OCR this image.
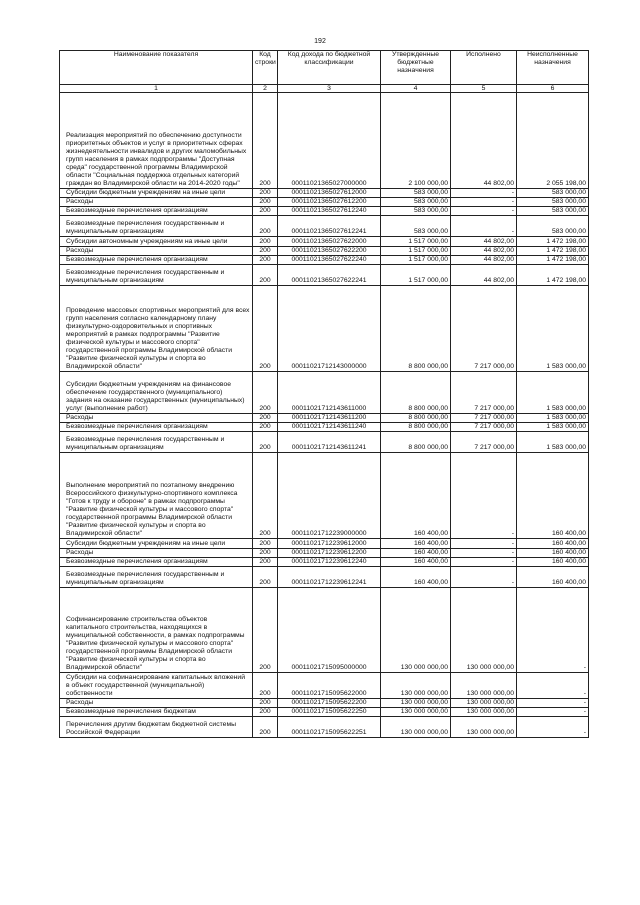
192
Наименование показателя	Код строки	Код дохода по бюджетной классификации	Утвержденные бюджетные назначения	Исполнено	Неисполненные назначения
1	2	3	4	5	6
Реализация мероприятий по обеспечению доступности приоритетных объектов и услуг в приоритетных сферах жизнедеятельности инвалидов и других маломобильных групп населения в рамках подпрограммы "Доступная среда" государственной программы Владимирской области "Социальная поддержка отдельных категорий граждан во Владимирской области на 2014-2020 годы"	200	00011021365027000000	2 100 000,00	44 802,00	2 055 198,00
Субсидии бюджетным учреждениям на иные цели	200	00011021365027612000	583 000,00	-	583 000,00
Расходы	200	00011021365027612200	583 000,00	-	583 000,00
Безвозмездные перечисления организациям	200	00011021365027612240	583 000,00	-	583 000,00
Безвозмездные перечисления государственным и муниципальным организациям	200	00011021365027612241	583 000,00	-	583 000,00
Субсидии автономным учреждениям на иные цели	200	00011021365027622000	1 517 000,00	44 802,00	1 472 198,00
Расходы	200	00011021365027622200	1 517 000,00	44 802,00	1 472 198,00
Безвозмездные перечисления организациям	200	00011021365027622240	1 517 000,00	44 802,00	1 472 198,00
Безвозмездные перечисления государственным и муниципальным организациям	200	00011021365027622241	1 517 000,00	44 802,00	1 472 198,00
Проведение массовых спортивных мероприятий для всех групп населения согласно календарному плану физкультурно-оздоровительных и спортивных мероприятий в рамках подпрограммы "Развитие физической культуры и массового спорта" государственной программы Владимирской области "Развитие физической культуры и спорта во Владимирской области"	200	00011021712143000000	8 800 000,00	7 217 000,00	1 583 000,00
Субсидии бюджетным учреждениям на финансовое обеспечение государственного (муниципального) задания на оказание государственных (муниципальных) услуг (выполнение работ)	200	00011021712143611000	8 800 000,00	7 217 000,00	1 583 000,00
Расходы	200	00011021712143611200	8 800 000,00	7 217 000,00	1 583 000,00
Безвозмездные перечисления организациям	200	00011021712143611240	8 800 000,00	7 217 000,00	1 583 000,00
Безвозмездные перечисления государственным и муниципальным организациям	200	00011021712143611241	8 800 000,00	7 217 000,00	1 583 000,00
Выполнение мероприятий по поэтапному внедрению Всероссийского физкультурно-спортивного комплекса "Готов к труду и обороне" в рамках подпрограммы "Развитие физической культуры и массового спорта" государственной программы Владимирской области "Развитие физической культуры и спорта во Владимирской области"	200	00011021712239000000	160 400,00	-	160 400,00
Субсидии бюджетным учреждениям на иные цели	200	00011021712239612000	160 400,00	-	160 400,00
Расходы	200	00011021712239612200	160 400,00	-	160 400,00
Безвозмездные перечисления организациям	200	00011021712239612240	160 400,00	-	160 400,00
Безвозмездные перечисления государственным и муниципальным организациям	200	00011021712239612241	160 400,00	-	160 400,00
Софинансирование строительства объектов капитального строительства, находящихся в муниципальной собственности, в рамках подпрограммы "Развитие физической культуры и массового спорта" государственной программы Владимирской области "Развитие физической культуры и спорта во Владимирской области"	200	00011021715095000000	130 000 000,00	130 000 000,00	-
Субсидии на софинансирование капитальных вложений в объект государственной (муниципальной) собственности	200	00011021715095622000	130 000 000,00	130 000 000,00	-
Расходы	200	00011021715095622200	130 000 000,00	130 000 000,00	-
Безвозмездные перечисления бюджетам	200	00011021715095622250	130 000 000,00	130 000 000,00	-
Перечисления другим бюджетам бюджетной системы Российской Федерации	200	00011021715095622251	130 000 000,00	130 000 000,00	-
